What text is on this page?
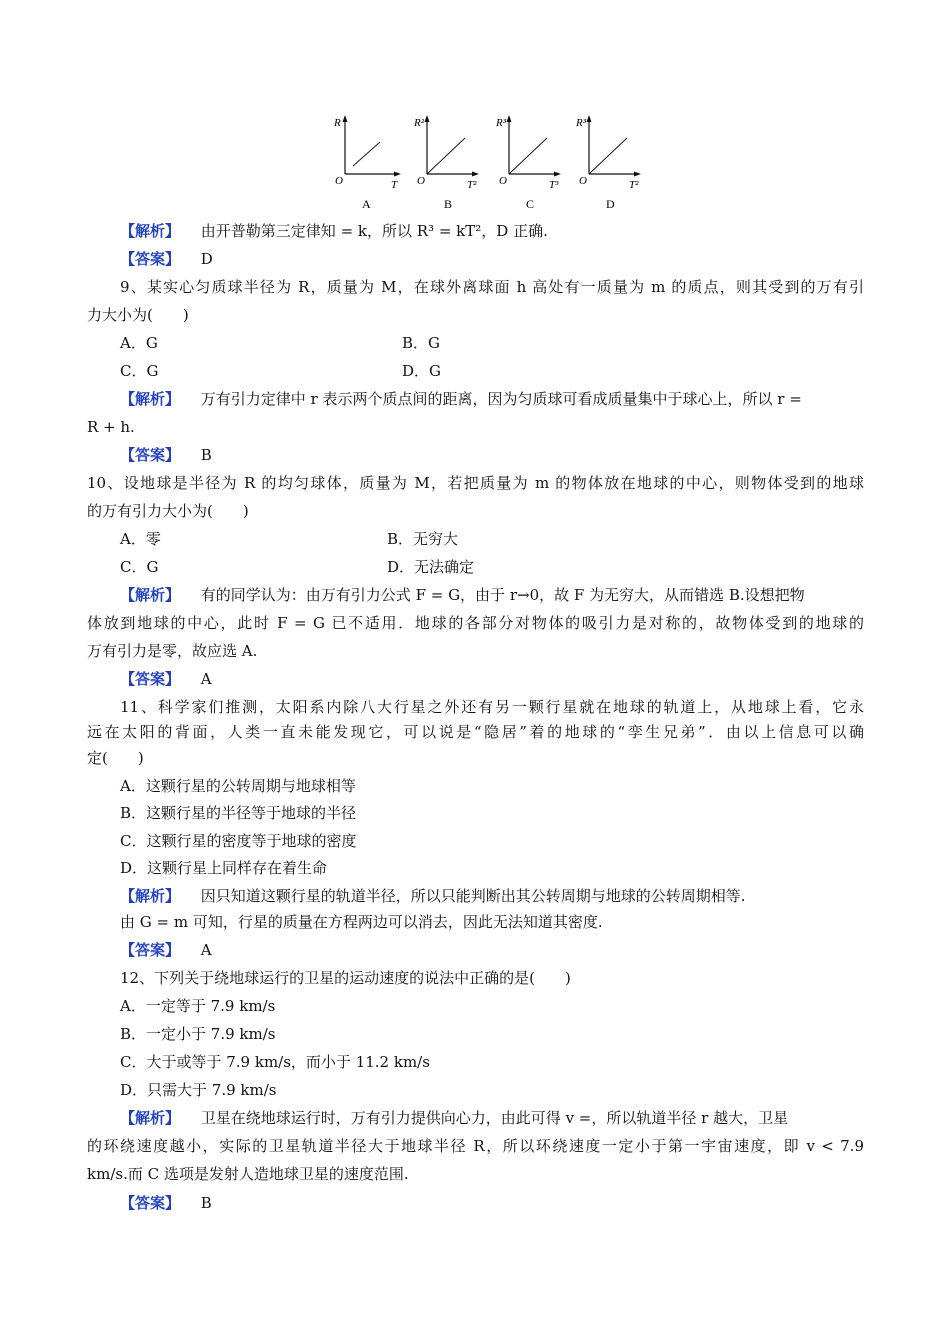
R
T
O
A
R²
T²
O
B
R³
T³
O
C
R³
T²
O
D
【解析】 由开普勒第三定律知 = k，所以 R³ = kT²，D 正确.
【答案】 D
9、某实心匀质球半径为 R，质量为 M，在球外离球面 h 高处有一质量为 m 的质点，则其受到的万有引
力大小为(　　)
A．G	B．G
C．G	D．G
【解析】 万有引力定律中 r 表示两个质点间的距离，因为匀质球可看成质量集中于球心上，所以 r =
R + h.
【答案】 B
10、设地球是半径为 R 的均匀球体，质量为 M，若把质量为 m 的物体放在地球的中心，则物体受到的地球
的万有引力大小为(　　)
A．零	B．无穷大
C．G	D．无法确定
【解析】 有的同学认为：由万有引力公式 F = G，由于 r→0，故 F 为无穷大，从而错选 B.设想把物
体放到地球的中心，此时 F = G 已不适用．地球的各部分对物体的吸引力是对称的，故物体受到的地球的
万有引力是零，故应选 A.
【答案】 A
11、科学家们推测，太阳系内除八大行星之外还有另一颗行星就在地球的轨道上，从地球上看，它永
远在太阳的背面，人类一直未能发现它，可以说是“隐居”着的地球的“孪生兄弟”．由以上信息可以确
定(　　)
A．这颗行星的公转周期与地球相等
B．这颗行星的半径等于地球的半径
C．这颗行星的密度等于地球的密度
D．这颗行星上同样存在着生命
【解析】 因只知道这颗行星的轨道半径，所以只能判断出其公转周期与地球的公转周期相等.
由 G = m 可知，行星的质量在方程两边可以消去，因此无法知道其密度.
【答案】 A
12、下列关于绕地球运行的卫星的运动速度的说法中正确的是(　　)
A．一定等于 7.9 km/s
B．一定小于 7.9 km/s
C．大于或等于 7.9 km/s，而小于 11.2 km/s
D．只需大于 7.9 km/s
【解析】 卫星在绕地球运行时，万有引力提供向心力，由此可得 v =，所以轨道半径 r 越大，卫星
的环绕速度越小，实际的卫星轨道半径大于地球半径 R，所以环绕速度一定小于第一宇宙速度，即 v < 7.9
km/s.而 C 选项是发射人造地球卫星的速度范围.
【答案】 B
